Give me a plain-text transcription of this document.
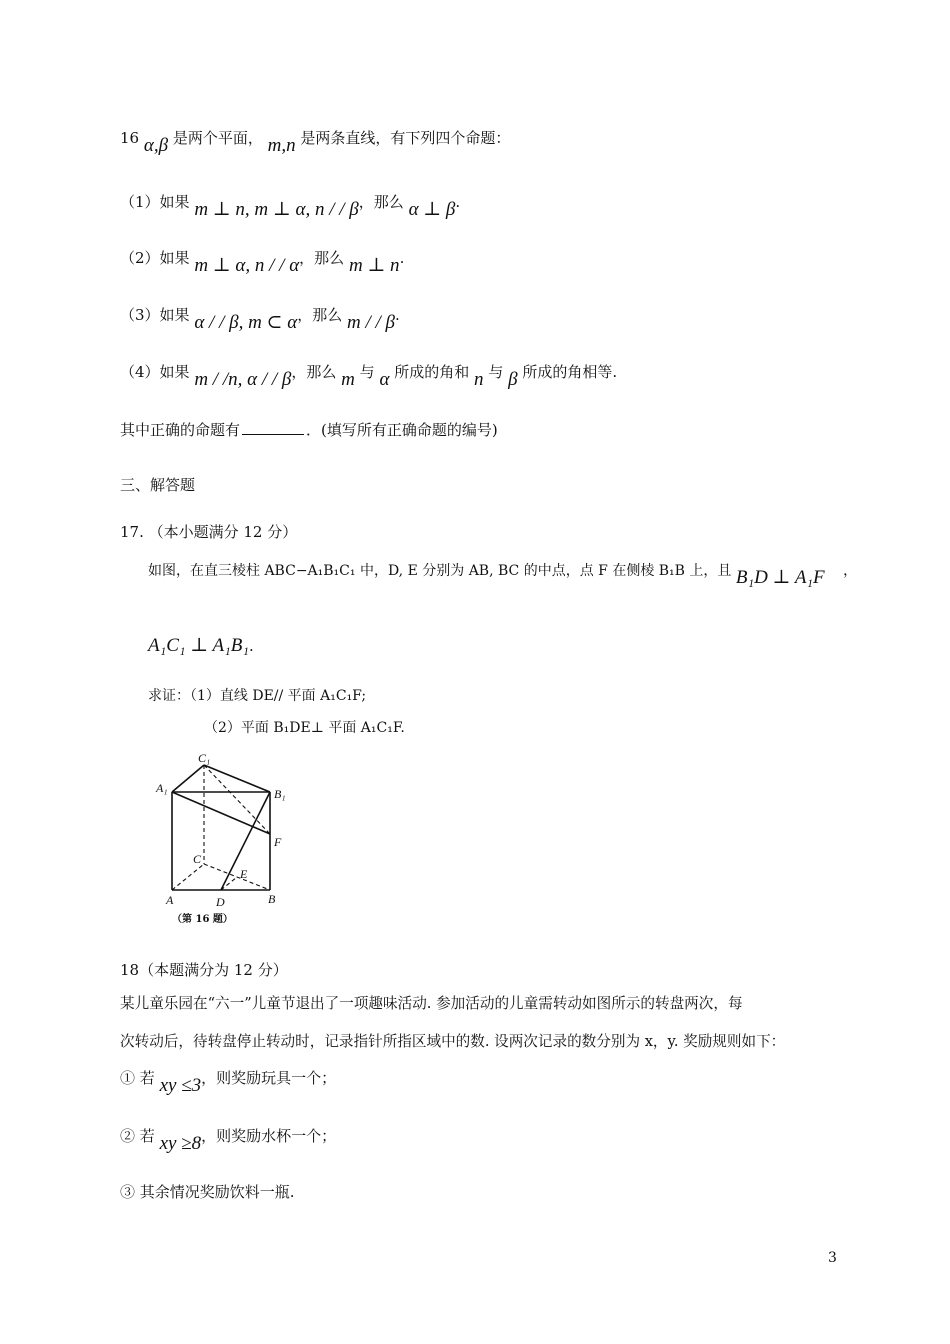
16 α,β 是两个平面， m,n 是两条直线，有下列四个命题：
（1）如果 m ⊥ n, m ⊥ α, n / / β，那么 α ⊥ β.
（2）如果 m ⊥ α, n / / α，那么 m ⊥ n.
（3）如果 α / / β, m ⊂ α，那么 m / / β.
（4）如果 m / /n, α / / β，那么 m 与 α 所成的角和 n 与 β 所成的角相等.
其中正确的命题有	．(填写所有正确命题的编号)
三、解答题
17. （本小题满分 12 分）
如图，在直三棱柱 ABC−A₁B₁C₁ 中，D, E 分别为 AB, BC 的中点，点 F 在侧棱 B₁B 上，且 B₁D ⊥ A₁F ，
A₁C₁ ⊥ A₁B₁.
求证：（1）直线 DE// 平面 A₁C₁F;
（2）平面 B₁DE⊥ 平面 A₁C₁F.
C₁
A₁	B₁
F
C
E
A	D	B
（第 16 题）
18（本题满分为 12 分）
某儿童乐园在“六一”儿童节退出了一项趣味活动. 参加活动的儿童需转动如图所示的转盘两次，每
次转动后，待转盘停止转动时，记录指针所指区域中的数. 设两次记录的数分别为 x，y. 奖励规则如下：
① 若 xy ≤3，则奖励玩具一个；
② 若 xy ≥8，则奖励水杯一个；
③ 其余情况奖励饮料一瓶.
3
